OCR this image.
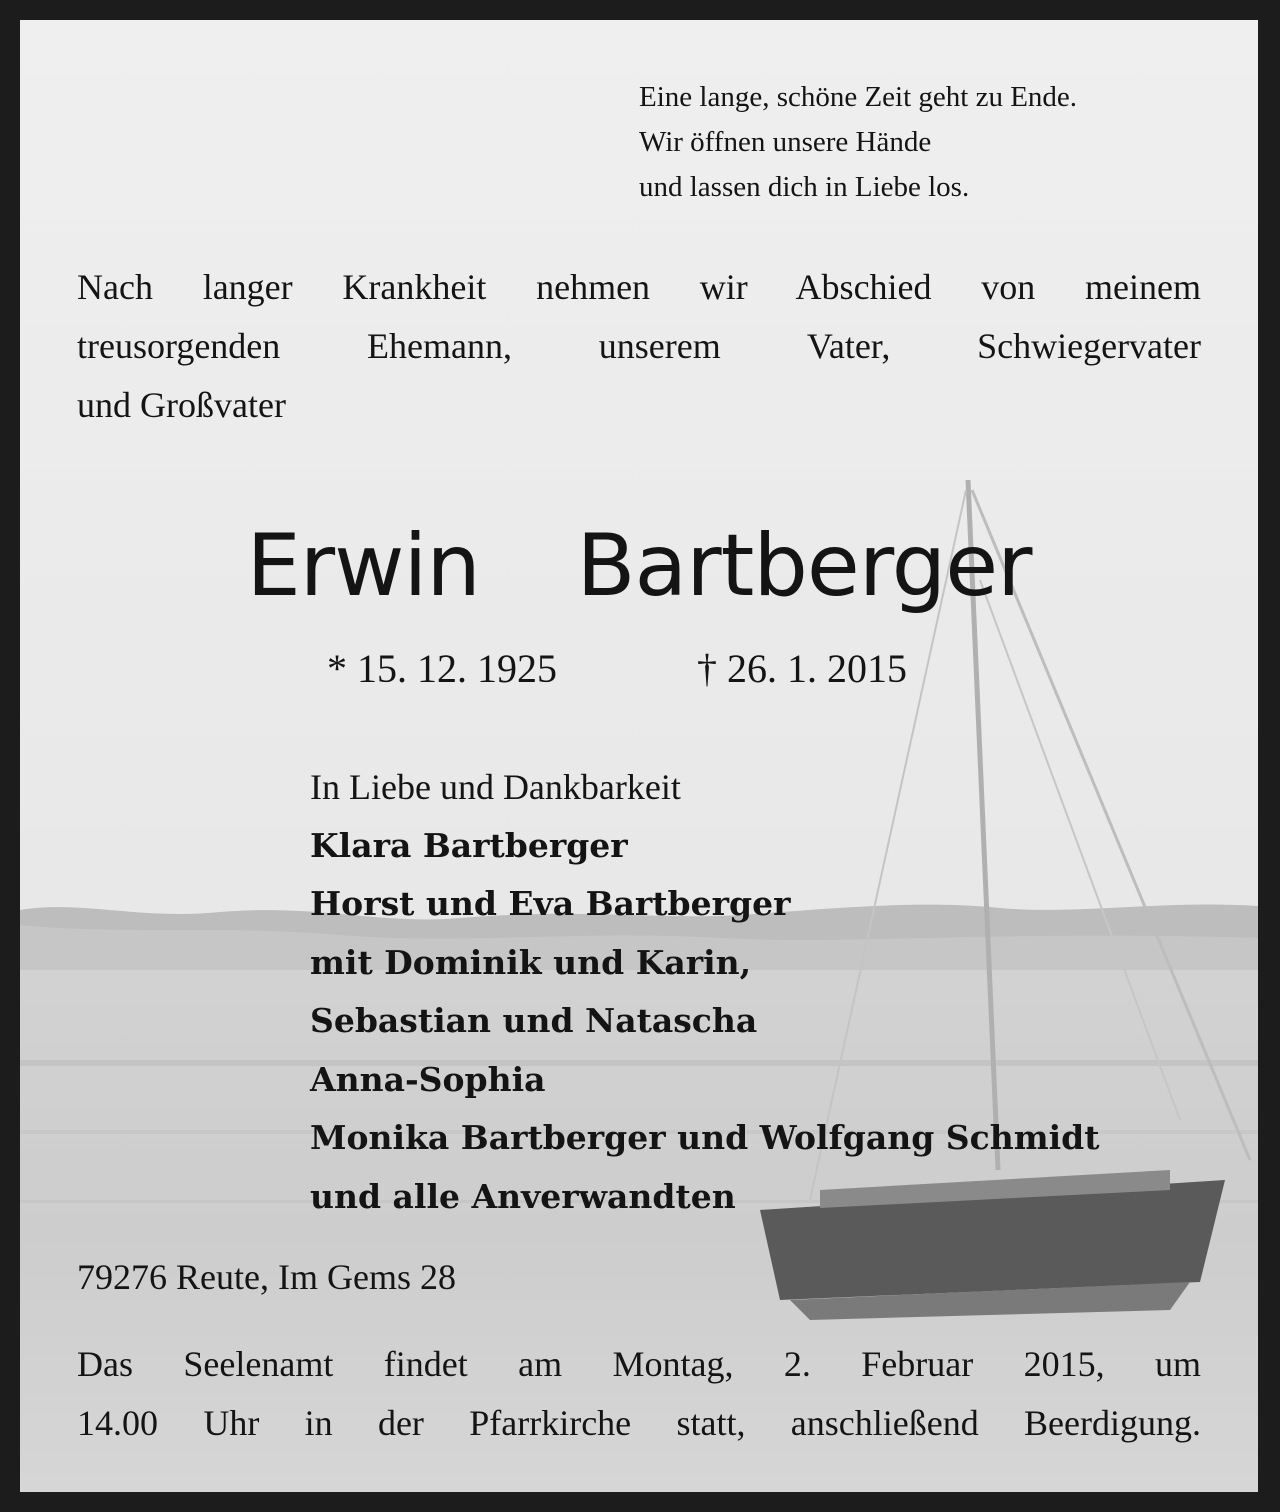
Eine lange, schöne Zeit geht zu Ende.
Wir öffnen unsere Hände
und lassen dich in Liebe los.
Nach langer Krankheit nehmen wir Abschied von meinem
treusorgenden Ehemann, unserem Vater, Schwiegervater
und Großvater
Erwin  Bartberger
* 15. 12. 1925	† 26. 1. 2015
In Liebe und Dankbarkeit
Klara Bartberger
Horst und Eva Bartberger
mit Dominik und Karin,
Sebastian und Natascha
Anna-Sophia
Monika Bartberger und Wolfgang Schmidt
und alle Anverwandten
79276 Reute, Im Gems 28
Das Seelenamt findet am Montag, 2. Februar 2015, um
14.00 Uhr in der Pfarrkirche statt, anschließend Beerdigung.
